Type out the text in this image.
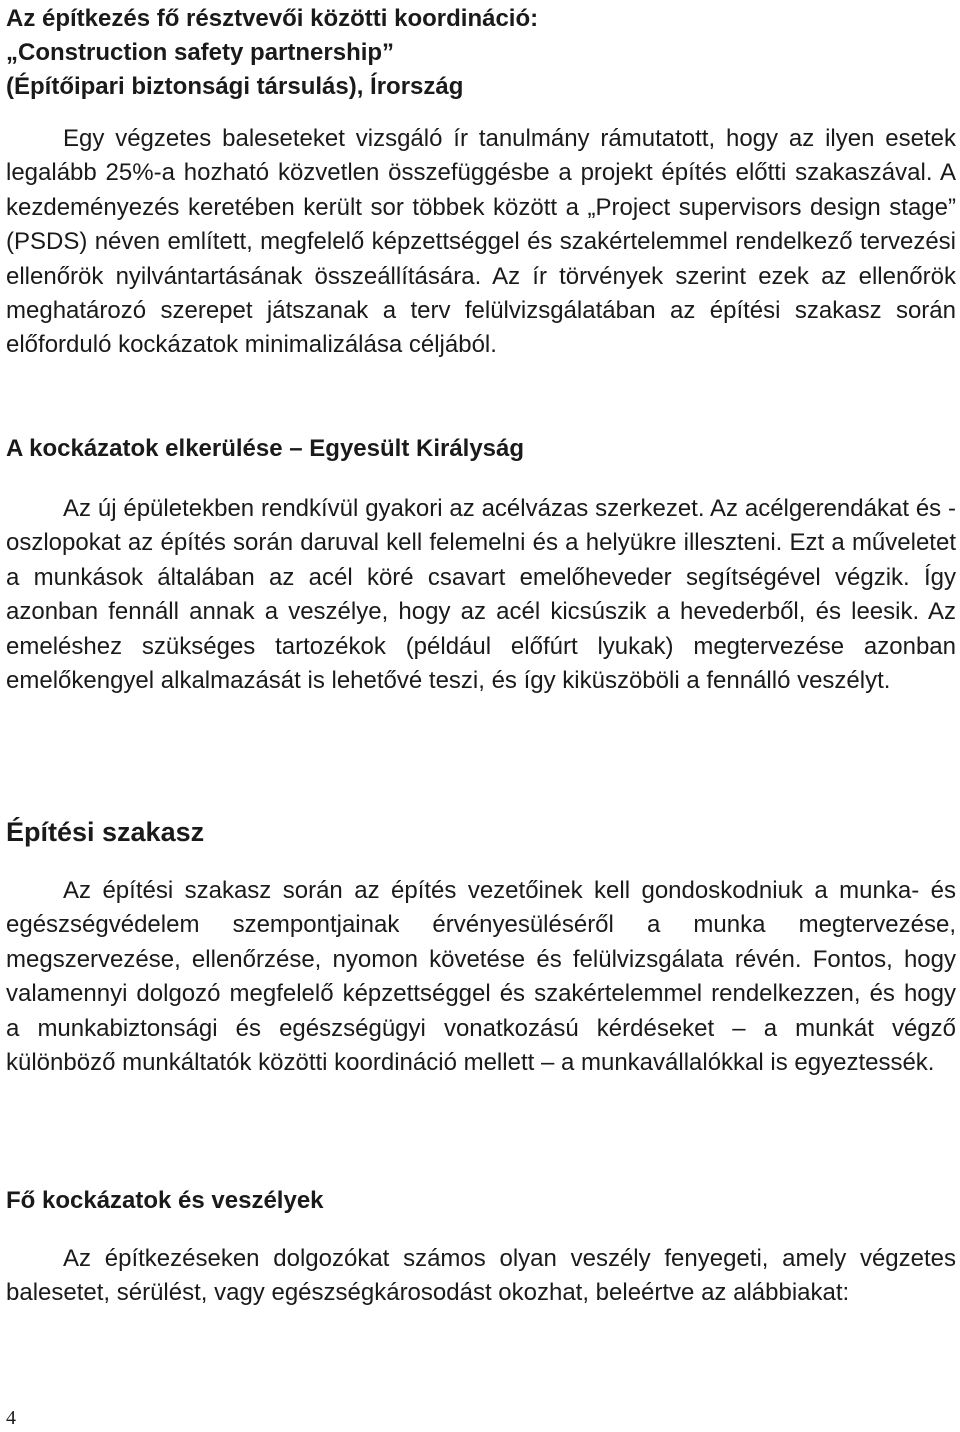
Az építkezés fő résztvevői közötti koordináció:
„Construction safety partnership”
(Építőipari biztonsági társulás), Írország

Egy végzetes baleseteket vizsgáló ír tanulmány rámutatott, hogy az ilyen esetek legalább 25%-a hozható közvetlen összefüggésbe a projekt építés előtti szakaszával. A kezdeményezés keretében került sor többek között a „Project supervisors design stage” (PSDS) néven említett, megfelelő képzettséggel és szakértelemmel rendelkező tervezési ellenőrök nyilvántartásának összeállítására. Az ír törvények szerint ezek az ellenőrök meghatározó szerepet játszanak a terv felülvizsgálatában az építési szakasz során előforduló kockázatok minimalizálása céljából.

A kockázatok elkerülése – Egyesült Királyság

Az új épületekben rendkívül gyakori az acélvázas szerkezet. Az acélgerendákat és -oszlopokat az építés során daruval kell felemelni és a helyükre illeszteni. Ezt a műveletet a munkások általában az acél köré csavart emelőheveder segítségével végzik. Így azonban fennáll annak a veszélye, hogy az acél kicsúszik a hevederből, és leesik. Az emeléshez szükséges tartozékok (például előfúrt lyukak) megtervezése azonban emelőkengyel alkalmazását is lehetővé teszi, és így kiküszöböli a fennálló veszélyt.

Építési szakasz

Az építési szakasz során az építés vezetőinek kell gondoskodniuk a munka- és egészségvédelem szempontjainak érvényesüléséről a munka megtervezése, megszervezése, ellenőrzése, nyomon követése és felülvizsgálata révén. Fontos, hogy valamennyi dolgozó megfelelő képzettséggel és szakértelemmel rendelkezzen, és hogy a munkabiztonsági és egészségügyi vonatkozású kérdéseket – a munkát végző különböző munkáltatók közötti koordináció mellett – a munkavállalókkal is egyeztessék.

Fő kockázatok és veszélyek

Az építkezéseken dolgozókat számos olyan veszély fenyegeti, amely végzetes balesetet, sérülést, vagy egészségkárosodást okozhat, beleértve az alábbiakat:

4
